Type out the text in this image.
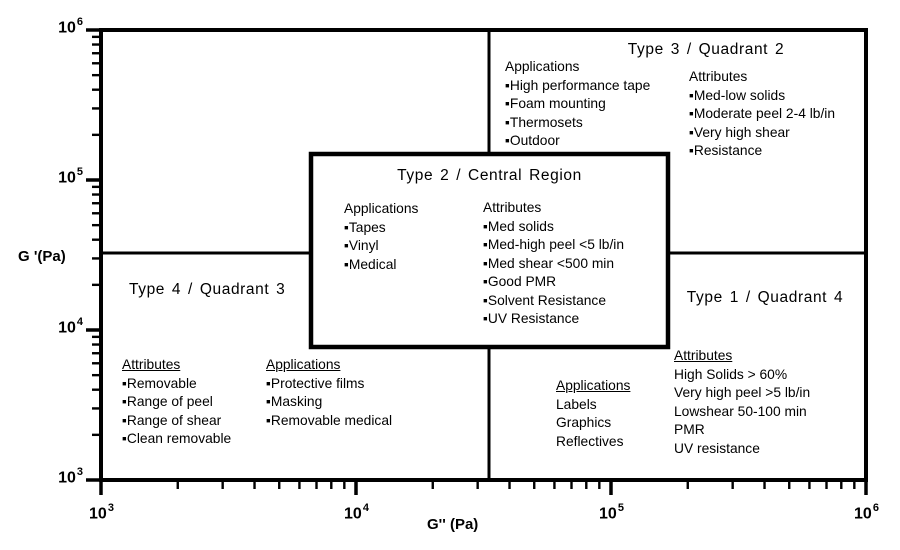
G '(Pa)
G'' (Pa)
Type 3 / Quadrant 2
Applications
▪High performance tape
▪Foam mounting
▪Thermosets
▪Outdoor
Attributes
▪Med-low solids
▪Moderate peel 2-4 lb/in
▪Very high shear
▪Resistance
Type 2 / Central Region
Applications
▪Tapes
▪Vinyl
▪Medical
Attributes
▪Med solids
▪Med-high peel <5 lb/in
▪Med shear <500 min
▪Good PMR
▪Solvent Resistance
▪UV Resistance
Type 4 / Quadrant 3
Attributes
▪Removable
▪Range of peel
▪Range of shear
▪Clean removable
Applications
▪Protective films
▪Masking
▪Removable medical
Type 1 / Quadrant 4
Applications
Labels
Graphics
Reflectives
Attributes
High Solids > 60%
Very high peel >5 lb/in
Lowshear 50-100 min
PMR
UV resistance
$10^3$	$10^4$	$10^5$	$10^6$
$10^3$
$10^4$
$10^5$
$10^6$
